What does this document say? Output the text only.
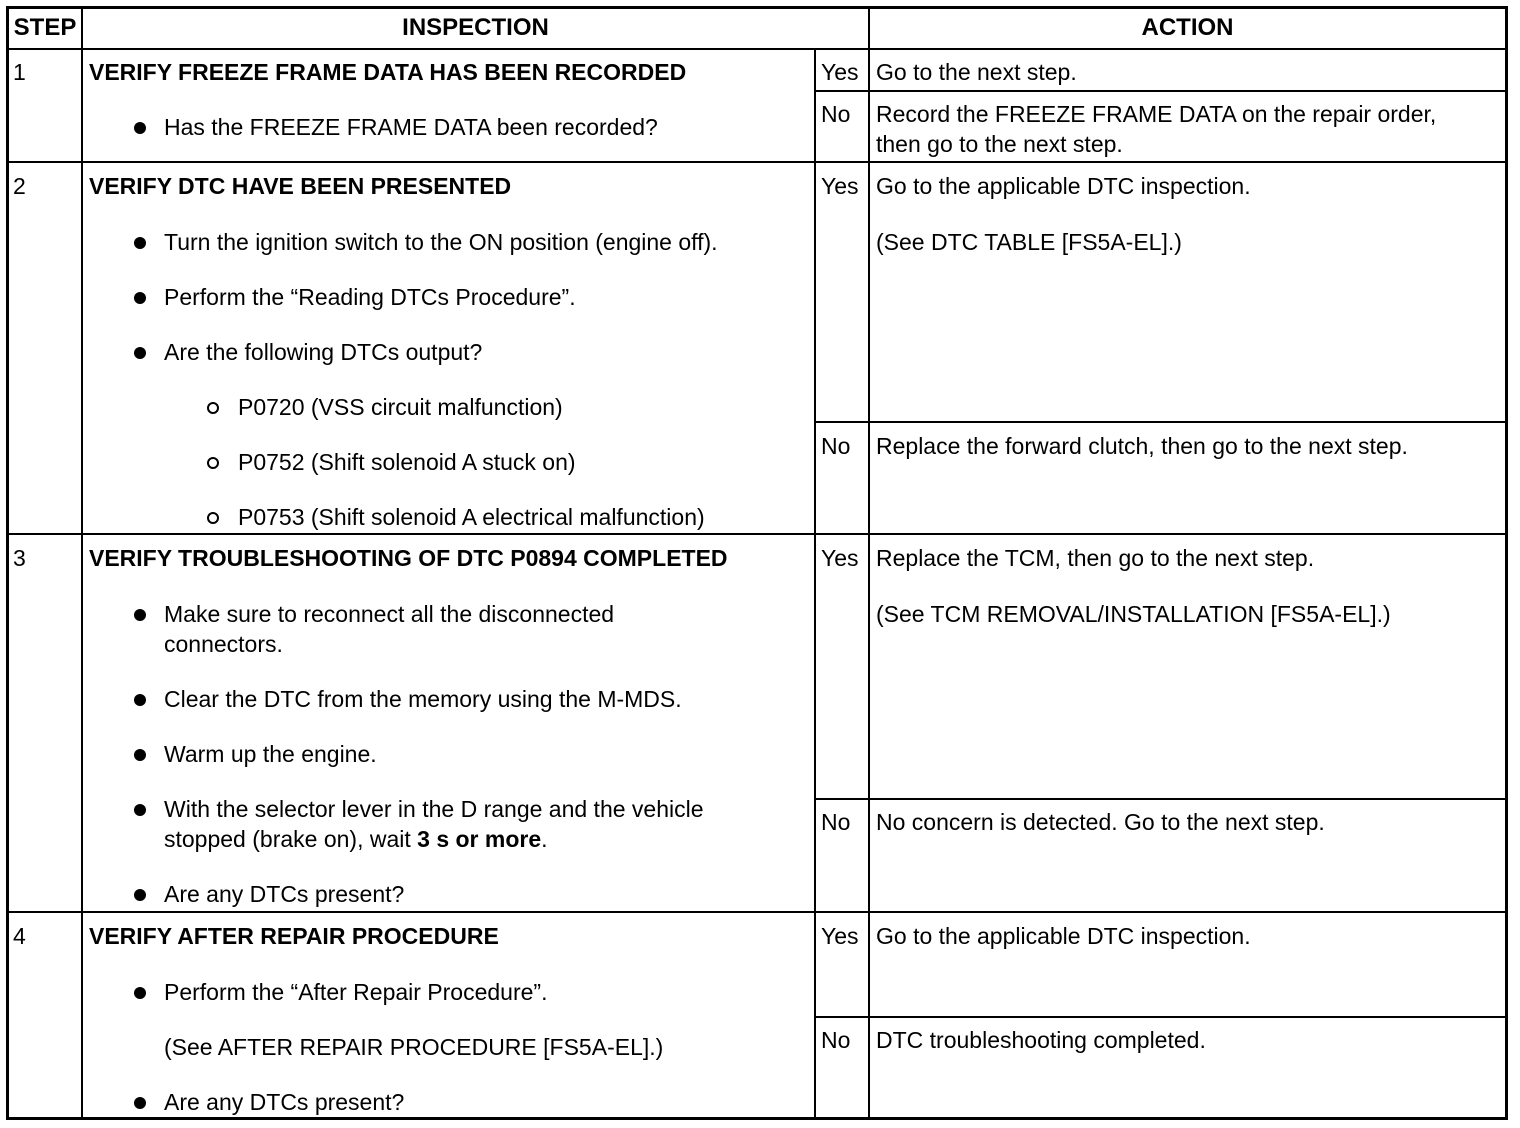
STEP	INSPECTION	ACTION
1	VERIFY FREEZE FRAME DATA HAS BEEN RECORDED
Has the FREEZE FRAME DATA been recorded?
Yes Go to the next step.
No Record the FREEZE FRAME DATA on the repair order,
then go to the next step.
2	VERIFY DTC HAVE BEEN PRESENTED
Turn the ignition switch to the ON position (engine off).
Perform the “Reading DTCs Procedure”.
Are the following DTCs output?
P0720 (VSS circuit malfunction)
P0752 (Shift solenoid A stuck on)
P0753 (Shift solenoid A electrical malfunction)
Yes Go to the applicable DTC inspection.
(See DTC TABLE [FS5A-EL].)
No Replace the forward clutch, then go to the next step.
3	VERIFY TROUBLESHOOTING OF DTC P0894 COMPLETED
Make sure to reconnect all the disconnected
connectors.
Clear the DTC from the memory using the M-MDS.
Warm up the engine.
With the selector lever in the D range and the vehicle
stopped (brake on), wait 3 s or more.
Are any DTCs present?
Yes Replace the TCM, then go to the next step.
(See TCM REMOVAL/INSTALLATION [FS5A-EL].)
No No concern is detected. Go to the next step.
4	VERIFY AFTER REPAIR PROCEDURE
Perform the “After Repair Procedure”.
(See AFTER REPAIR PROCEDURE [FS5A-EL].)
Are any DTCs present?
Yes Go to the applicable DTC inspection.
No DTC troubleshooting completed.
